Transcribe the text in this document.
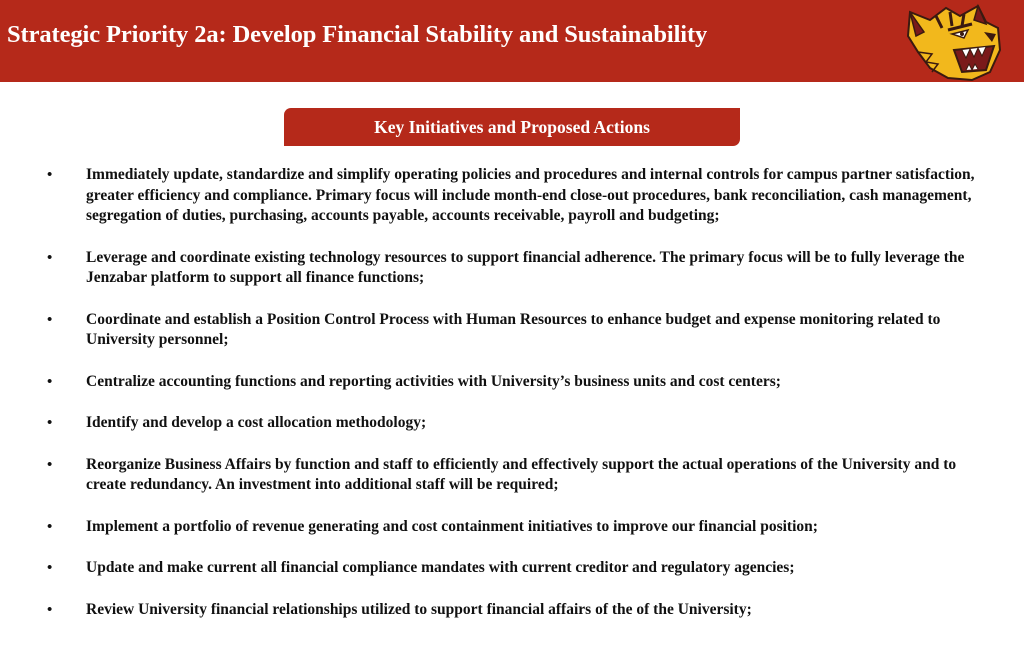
Strategic Priority 2a: Develop Financial Stability and Sustainability
Key Initiatives and Proposed Actions
• Immediately update, standardize and simplify operating policies and procedures and internal controls for campus partner satisfaction, greater efficiency and compliance. Primary focus will include month-end close-out procedures, bank reconciliation, cash management, segregation of duties, purchasing, accounts payable, accounts receivable, payroll and budgeting;
• Leverage and coordinate existing technology resources to support financial adherence. The primary focus will be to fully leverage the Jenzabar platform to support all finance functions;
• Coordinate and establish a Position Control Process with Human Resources to enhance budget and expense monitoring related to University personnel;
• Centralize accounting functions and reporting activities with University’s business units and cost centers;
• Identify and develop a cost allocation methodology;
• Reorganize Business Affairs by function and staff to efficiently and effectively support the actual operations of the University and to create redundancy. An investment into additional staff will be required;
• Implement a portfolio of revenue generating and cost containment initiatives to improve our financial position;
• Update and make current all financial compliance mandates with current creditor and regulatory agencies;
• Review University financial relationships utilized to support financial affairs of the of the University;
